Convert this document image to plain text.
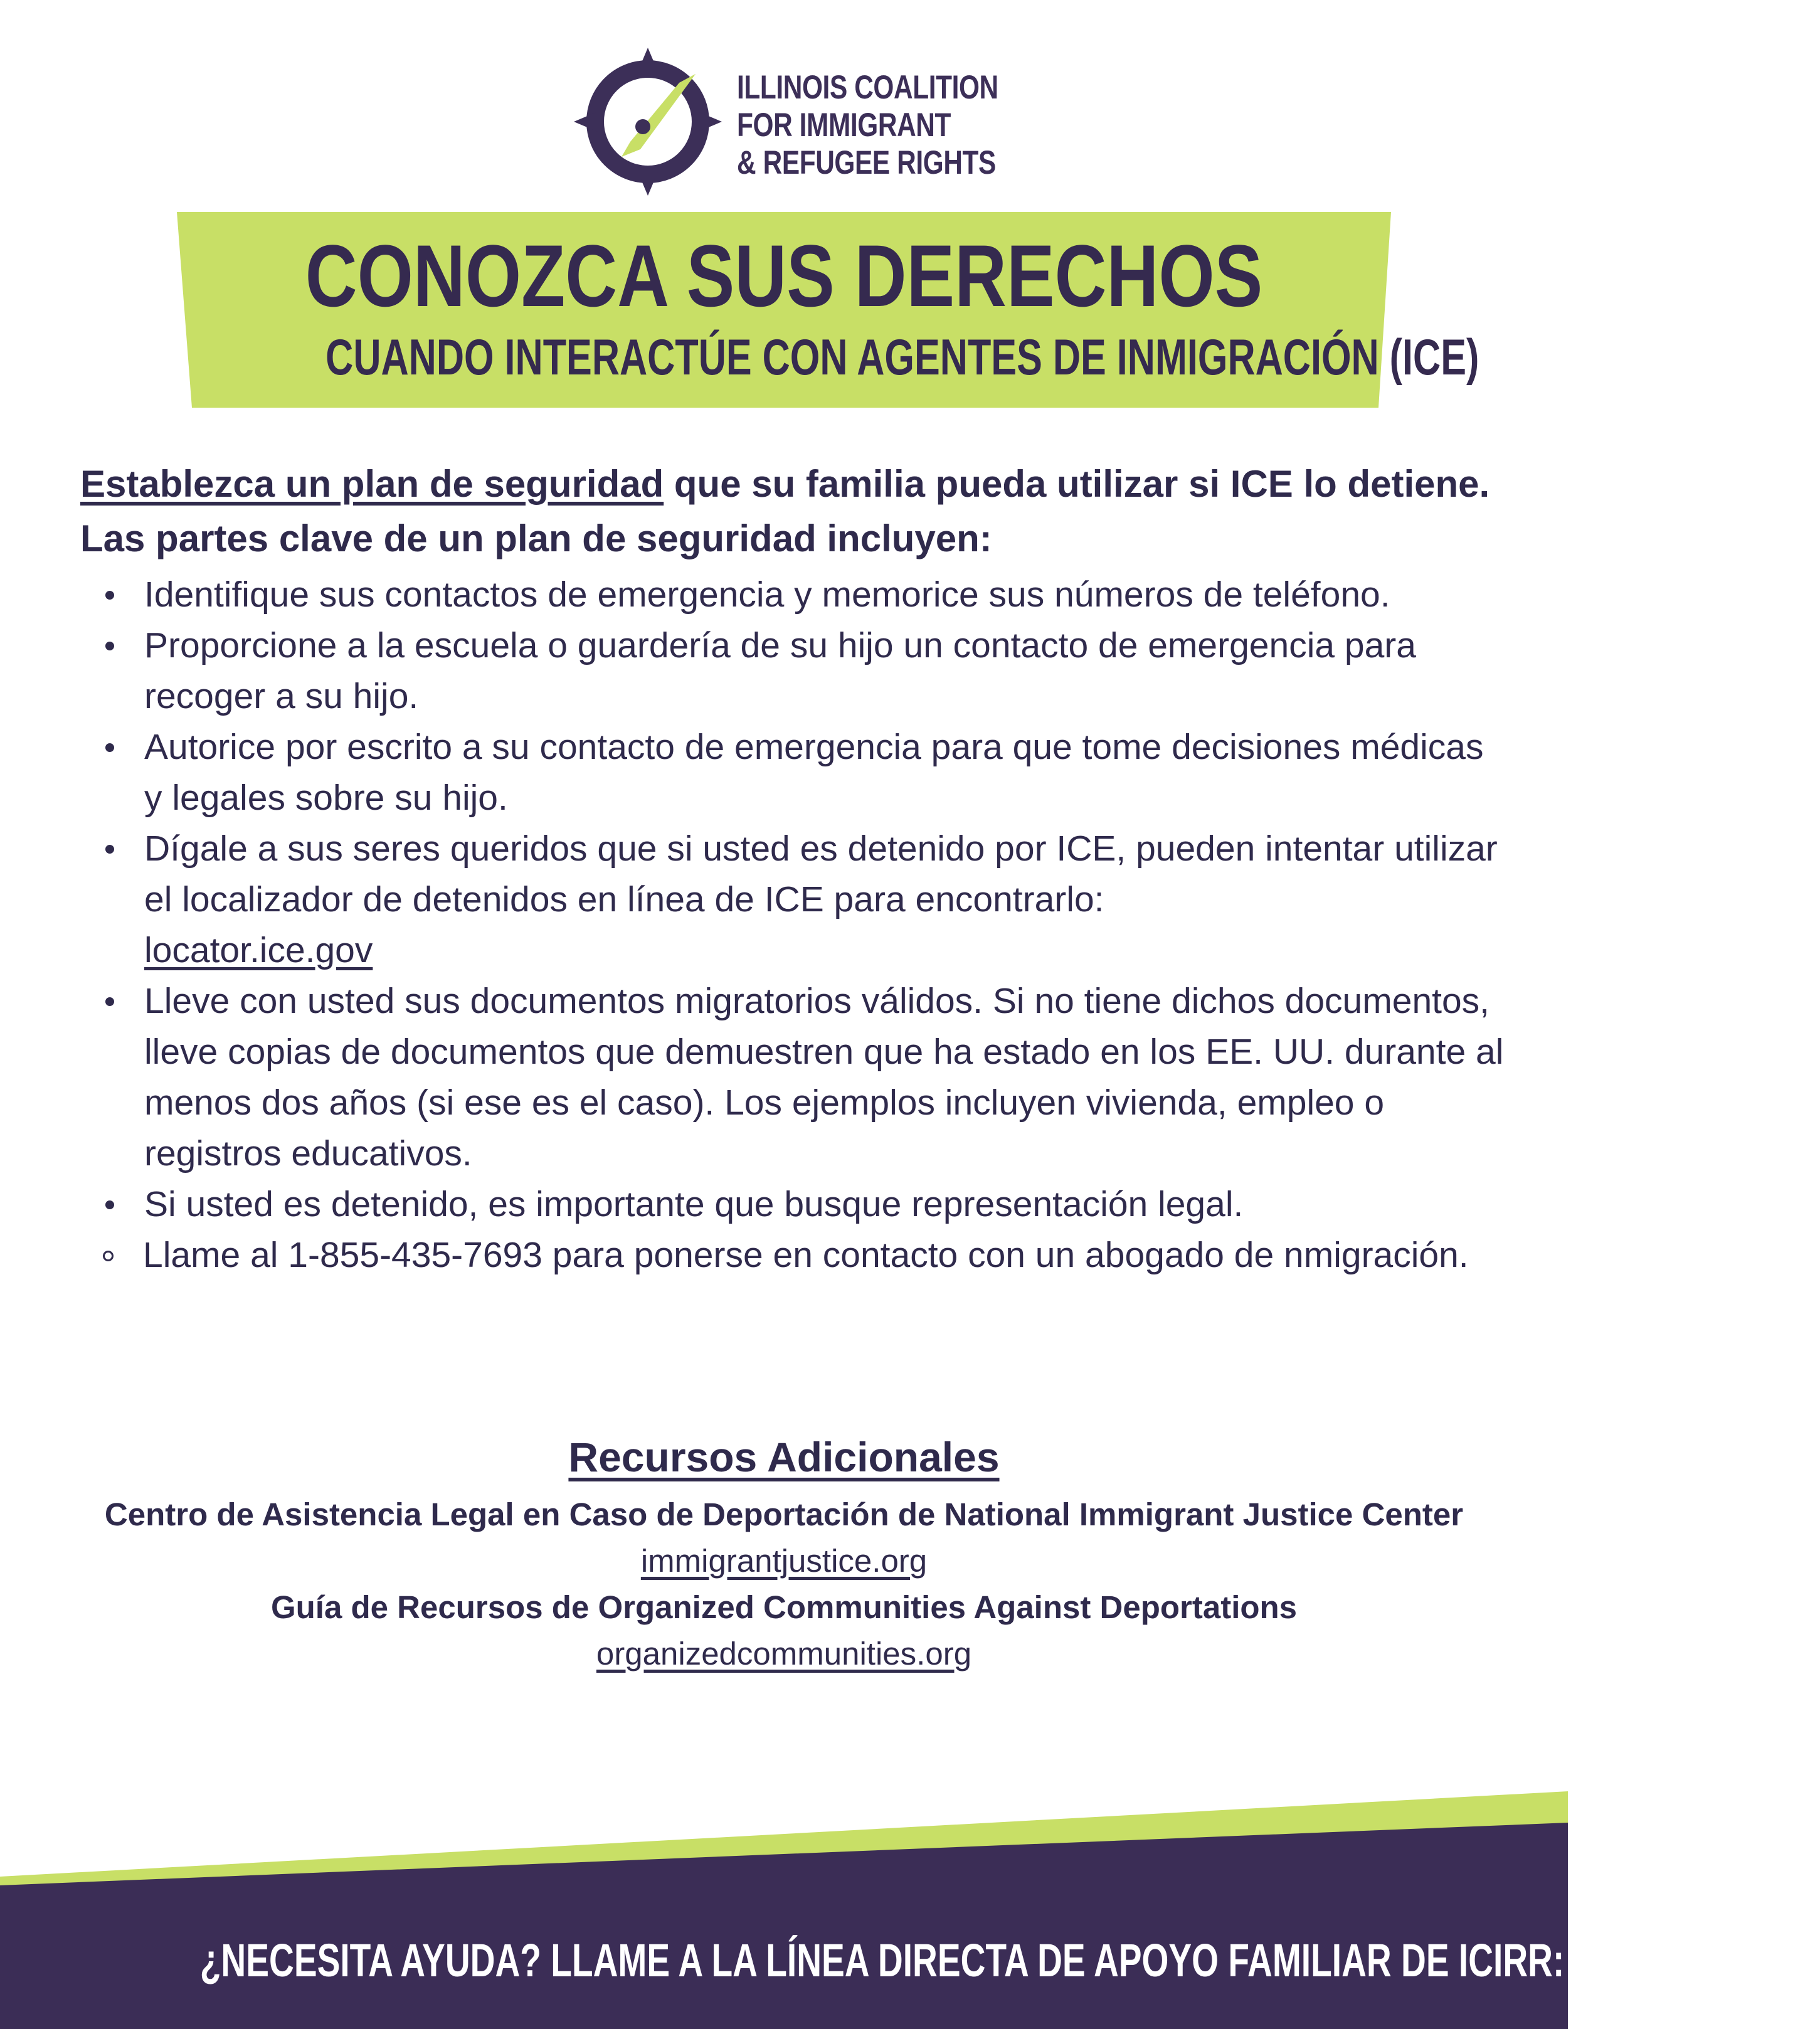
ILLINOIS COALITION
FOR IMMIGRANT
& REFUGEE RIGHTS
CONOZCA SUS DERECHOS
CUANDO INTERACTÚE CON AGENTES DE INMIGRACIÓN (ICE)
Establezca un plan de seguridad que su familia pueda utilizar si ICE lo detiene. Las partes clave de un plan de seguridad incluyen:
Identifique sus contactos de emergencia y memorice sus números de teléfono.
Proporcione a la escuela o guardería de su hijo un contacto de emergencia para recoger a su hijo.
Autorice por escrito a su contacto de emergencia para que tome decisiones médicas y legales sobre su hijo.
Dígale a sus seres queridos que si usted es detenido por ICE, pueden intentar utilizar el localizador de detenidos en línea de ICE para encontrarlo:
locator.ice.gov
Lleve con usted sus documentos migratorios válidos. Si no tiene dichos documentos, lleve copias de documentos que demuestren que ha estado en los EE. UU. durante al menos dos años (si ese es el caso). Los ejemplos incluyen vivienda, empleo o registros educativos.
Si usted es detenido, es importante que busque representación legal.
Llame al 1-855-435-7693 para ponerse en contacto con un abogado de nmigración.
Recursos Adicionales
Centro de Asistencia Legal en Caso de Deportación de National Immigrant Justice Center
immigrantjustice.org
Guía de Recursos de Organized Communities Against Deportations
organizedcommunities.org
¿NECESITA AYUDA? LLAME A LA LÍNEA DIRECTA DE APOYO FAMILIAR DE ICIRR: 1-855-435-7693
